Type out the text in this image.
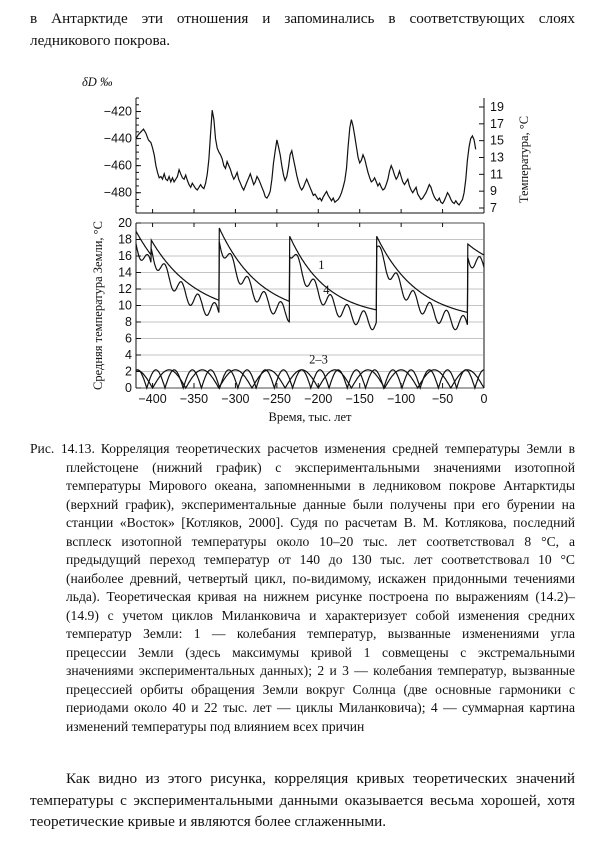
в Антарктиде эти отношения и запоминались в соответствующих слоях ледникового покрова.
−420
−440
−460
−480
19
17
15
13
11
9
7
δD ‰
Температура, °C
20
18
16
14
12
10
8
6
4
2
0
−400 −350 −300 −250 −200 −150 −100 −50 0
Время, тыс. лет
Средняя температура Земли, °C	1
4
2–3
Рис. 14.13. Корреляция теоретических расчетов изменения средней температуры Земли в плейстоцене (нижний график) с экспериментальными значениями изотопной температуры Мирового океана, запомненными в ледниковом покрове Антарктиды (верхний график), экспериментальные данные были получены при его бурении на станции «Восток» [Котляков, 2000]. Судя по расчетам В. М. Котлякова, последний всплеск изотопной температуры около 10–20 тыс. лет соответствовал 8 °C, а предыдущий переход температур от 140 до 130 тыс. лет соответствовал 10 °C (наиболее древний, четвертый цикл, по-видимому, искажен придонными течениями льда). Теоретическая кривая на нижнем рисунке построена по выражениям (14.2)–(14.9) с учетом циклов Миланковича и характеризует собой изменения средних температур Земли: 1 — колебания температур, вызванные изменениями угла прецессии Земли (здесь максимумы кривой 1 совмещены с экстремальными значениями экспериментальных данных); 2 и 3 — колебания температур, вызванные прецессией орбиты обращения Земли вокруг Солнца (две основные гармоники с периодами около 40 и 22 тыс. лет — циклы Миланковича); 4 — суммарная картина изменений температуры под влиянием всех причин
Как видно из этого рисунка, корреляция кривых теоретических значений температуры с экспериментальными данными оказывается весьма хорошей, хотя теоретические кривые и являются более сглаженными.
